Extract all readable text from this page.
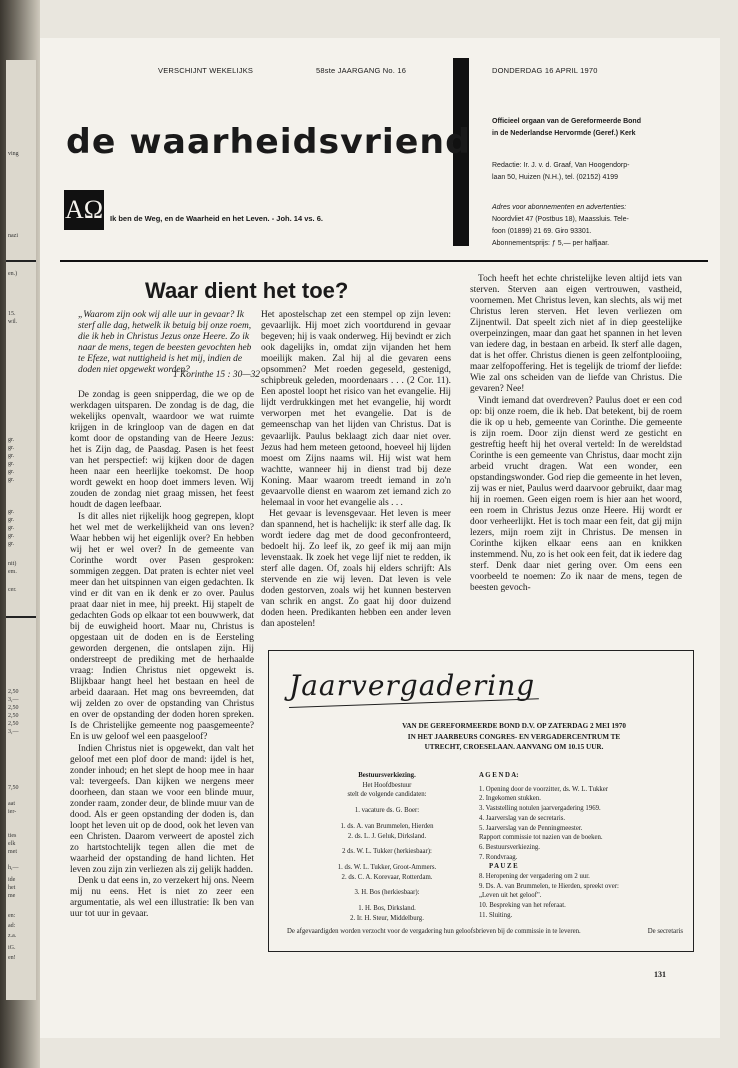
ving
nazi
en.)
15.
wil.
gr.
gr.
gr.
gr.
gr.
gr.
gr.
gr.
gr.
gr.
gr.
nit)
em.
cer.
2,50
3,—
2,50
2,50
2,50
3,—
7,50
aat
ier-
ties
elk
met
h,—
ide
het
me
en:
ad:
z.a.
iG.
en!
VERSCHIJNT WEKELIJKS	58ste JAARGANG No. 16	DONDERDAG 16 APRIL 1970
de waarheidsvriend
AΩ Ik ben de Weg, en de Waarheid en het Leven. - Joh. 14 vs. 6.
Officieel orgaan van de Gereformeerde Bond
in de Nederlandse Hervormde (Geref.) Kerk
Redactie: Ir. J. v. d. Graaf, Van Hoogendorp-
laan 50, Huizen (N.H.), tel. (02152) 4199
Adres voor abonnementen en advertenties:
Noordvliet 47 (Postbus 18), Maassluis. Tele-
foon (01899) 21 69. Giro 93301.
Abonnementsprijs: ƒ 5,— per halfjaar.
Waar dient het toe?
„Waarom zijn ook wij alle uur in gevaar? Ik sterf alle dag, hetwelk ik betuig bij onze roem, die ik heb in Christus Jezus onze Heere. Zo ik naar de mens, tegen de beesten gevochten heb te Efeze, wat nuttigheid is het mij, indien de doden niet opgewekt worden?
1 Korinthe 15 : 30—32

De zondag is geen snipperdag, die we op de werkdagen uitsparen. De zondag is de dag, die wekelijks openvalt, waardoor we wat ruimte krijgen in de kringloop van de dagen en dat komt door de opstanding van de Heere Jezus: het is Zijn dag, de Paasdag. Pasen is het feest van het perspectief: wij kijken door de dagen heen naar een heerlijke toekomst. De hoop wordt gewekt en hoop doet immers leven. Wij zouden de zondag niet graag missen, het feest houdt de dagen leefbaar.

Is dit alles niet rijkelijk hoog gegrepen, klopt het wel met de werkelijkheid van ons leven? Waar hebben wij het eigenlijk over? En hebben wij het er wel over? In de gemeente van Corinthe wordt over Pasen gesproken: sommigen zeggen. Dat praten is echter niet veel meer dan het uitspinnen van eigen gedachten. Ik vind er dit van en ik denk er zo over. Paulus praat daar niet in mee, hij preekt. Hij stapelt de gedachten Gods op elkaar tot een bouwwerk, dat bij de euwigheid hoort. Maar nu, Christus is opgestaan uit de doden en is de Eersteling geworden dergenen, die ontslapen zijn. Hij onderstreept de prediking met de herhaalde vraag: Indien Christus niet opgewekt is. Blijkbaar hangt heel het bestaan en heel de arbeid daaraan. Het mag ons bevreemden, dat wij zelden zo over de opstanding van Christus en over de opstanding der doden horen spreken. Is de Christelijke gemeente nog paasgemeente? En is uw geloof wel een paasgeloof?

Indien Christus niet is opgewekt, dan valt het geloof met een plof door de mand: ijdel is het, zonder inhoud; en het slept de hoop mee in haar val: tevergeefs. Dan kijken we nergens meer doorheen, dan staan we voor een blinde muur, zonder raam, zonder deur, de blinde muur van de dood. Als er geen opstanding der doden is, dan loopt het leven uit op de dood, ook het leven van een Christen. Daarom verweert de apostel zich zo hartstochtelijk tegen allen die met de waarheid der opstanding de hand lichten. Het leven zou zijn zin verliezen als zij gelijk hadden.

Denk u dat eens in, zo verzekert hij ons. Neem mij nu eens. Het is niet zo zeer een argumentatie, als wel een illustratie: Ik ben van uur tot uur in gevaar.

Het apostelschap zet een stempel op zijn leven: gevaarlijk. Hij moet zich voortdurend in gevaar begeven; hij is vaak onderweg. Hij bevindt er zich ook dagelijks in, omdat zijn vijanden het hem moeilijk maken. Zal hij al die gevaren eens opsommen? Met roeden gegeseld, gestenigd, schipbreuk geleden, moordenaars . . . (2 Cor. 11). Een apostel loopt het risico van het evangelie. Hij lijdt verdrukkingen met het evangelie, hij wordt verworpen met het evangelie. Dat is de gemeenschap van het lijden van Christus. Dat is gevaarlijk. Paulus beklaagt zich daar niet over. Jezus had hem meteen getoond, hoeveel hij lijden moest om Zijns naams wil. Hij wist wat hem wachtte, wanneer hij in dienst trad bij deze Koning. Maar waarom treedt iemand in zo'n gevaarvolle dienst en waarom zet iemand zich zo helemaal in voor het evangelie als . . .

Het gevaar is levensgevaar. Het leven is meer dan spannend, het is hachelijk: ik sterf alle dag. Ik wordt iedere dag met de dood geconfronteerd, bedoelt hij. Zo leef ik, zo geef ik mij aan mijn levenstaak. Ik zoek het vege lijf niet te redden, ik sterf alle dagen. Of, zoals hij elders schrijft: Als stervende en zie wij leven. Dat leven is vele doden gestorven, zoals wij het kunnen besterven van schrik en angst. Zo gaat hij door duizend doden heen. Predikanten hebben een ander leven dan apostelen!

Toch heeft het echte christelijke leven altijd iets van sterven. Sterven aan eigen vertrouwen, vastheid, voornemen. Met Christus leven, kan slechts, als wij met Christus leren sterven. Het leven verliezen om Zijnentwil. Dat speelt zich niet af in diep geestelijke overpeinzingen, maar dan gaat het spannen in het leven van iedere dag, in bestaan en arbeid. Ik sterf alle dagen, dat is het offer. Christus dienen is geen zelfontplooiing, maar zelfopoffering. Het is tegelijk de triomf der liefde: Wie zal ons scheiden van de liefde van Christus. Die gevaren? Nee!

Vindt iemand dat overdreven? Paulus doet er een cod op: bij onze roem, die ik heb. Dat betekent, bij de roem die ik op u heb, gemeente van Corinthe. Die gemeente is zijn roem. Door zijn dienst werd ze gesticht en gestreftig heeft hij het overal verteld: In de wereldstad Corinthe is een gemeente van Christus, daar mocht zijn arbeid vrucht dragen. Wat een wonder, een opstandingswonder. God riep die gemeente in het leven, zij was er niet, Paulus werd daarvoor gebruikt, daar mag hij in roemen. Geen eigen roem is hier aan het woord, een roem in Christus Jezus onze Heere. Hij wordt er door verheerlijkt. Het is toch maar een feit, dat gij mijn lezers, mijn roem zijt in Christus. De mensen in Corinthe kijken elkaar eens aan en knikken instemmend. Nu, zo is het ook een feit, dat ik iedere dag sterf. Denk daar niet gering over. Om eens een voorbeeld te noemen: Zo ik naar de mens, tegen de beesten gevoch-

Jaarvergadering
VAN DE GEREFORMEERDE BOND D.V. OP ZATERDAG 2 MEI 1970
IN HET JAARBEURS CONGRES- EN VERGADERCENTRUM TE
UTRECHT, CROESELAAN. AANVANG OM 10.15 UUR.
Bestuursverkiezing.
Het Hoofdbestuur
stelt de volgende candidaten:
1. vacature ds. G. Boer:
1. ds. A. van Brummelen, Hierden
2. ds. L. J. Geluk, Dirksland.
2 ds. W. L. Tukker (herkiesbaar):
1. ds. W. L. Tukker, Groot-Ammers.
2. ds. C. A. Korevaar, Rotterdam.
3. H. Bos (herkiesbaar):
1. H. Bos, Dirksland.
2. Ir. H. Steur, Middelburg.
A G E N D A:
1. Opening door de voorzitter, ds. W. L. Tukker
2. Ingekomen stukken.
3. Vaststelling notulen jaarvergadering 1969.
4. Jaarverslag van de secretaris.
5. Jaarverslag van de Penningmeester.
Rapport commissie tot nazien van de boeken.
6. Bestuursverkiezing.
7. Rondvraag.
P A U Z E
8. Heropening der vergadering om 2 uur.
9. Ds. A. van Brummelen, te Hierden, spreekt over:
„Leven uit het geloof".
10. Bespreking van het referaat.
11. Sluiting.
De afgevaardigden worden verzocht voor de vergadering hun geloofsbrieven bij de commissie in te leveren.	De secretaris
131
